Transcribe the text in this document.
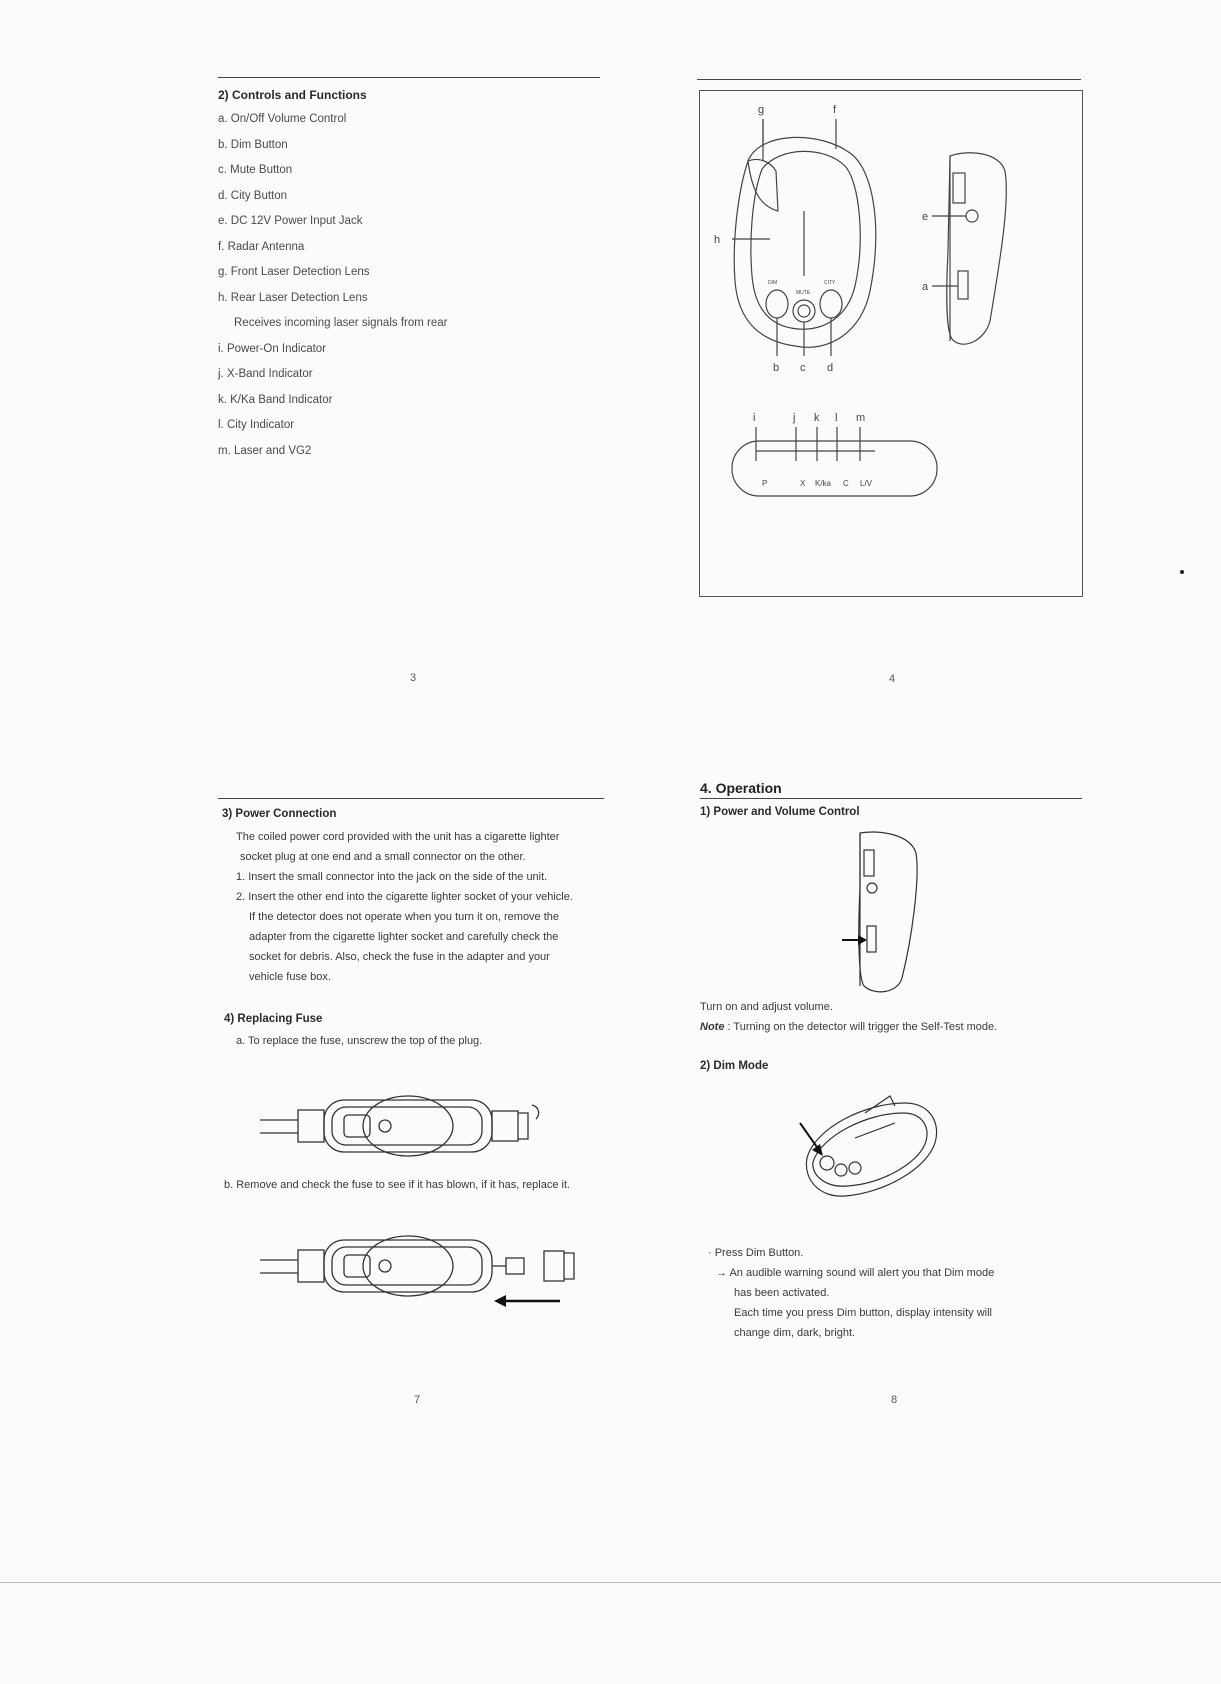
2) Controls and Functions
a. On/Off Volume Control
b. Dim Button
c. Mute Button
d. City Button
e. DC 12V Power Input Jack
f. Radar Antenna
g. Front Laser Detection Lens
h. Rear Laser Detection Lens
Receives incoming laser signals from rear
i. Power-On Indicator
j. X-Band Indicator
k. K/Ka Band Indicator
l. City Indicator
m. Laser and VG2
3
g	f
h
e
a
b c d
DIM
MUTE
CITY
i	j k l m
P	X K/ka C L/V
4
3) Power Connection
The coiled power cord provided with the unit has a cigarette lighter
socket plug at one end and a small connector on the other.
1. Insert the small connector into the jack on the side of the unit.
2. Insert the other end into the cigarette lighter socket of your vehicle.
If the detector does not operate when you turn it on, remove the
adapter from the cigarette lighter socket and carefully check the
socket for debris. Also, check the fuse in the adapter and your
vehicle fuse box.
4) Replacing Fuse
a. To replace the fuse, unscrew the top of the plug.
b. Remove and check the fuse to see if it has blown, if it has, replace it.
7
4. Operation
1) Power and Volume Control
Turn on and adjust volume.
Note : Turning on the detector will trigger the Self-Test mode.
2) Dim Mode
· Press Dim Button.
→ An audible warning sound will alert you that Dim mode
has been activated.
Each time you press Dim button, display intensity will
change dim, dark, bright.
8
